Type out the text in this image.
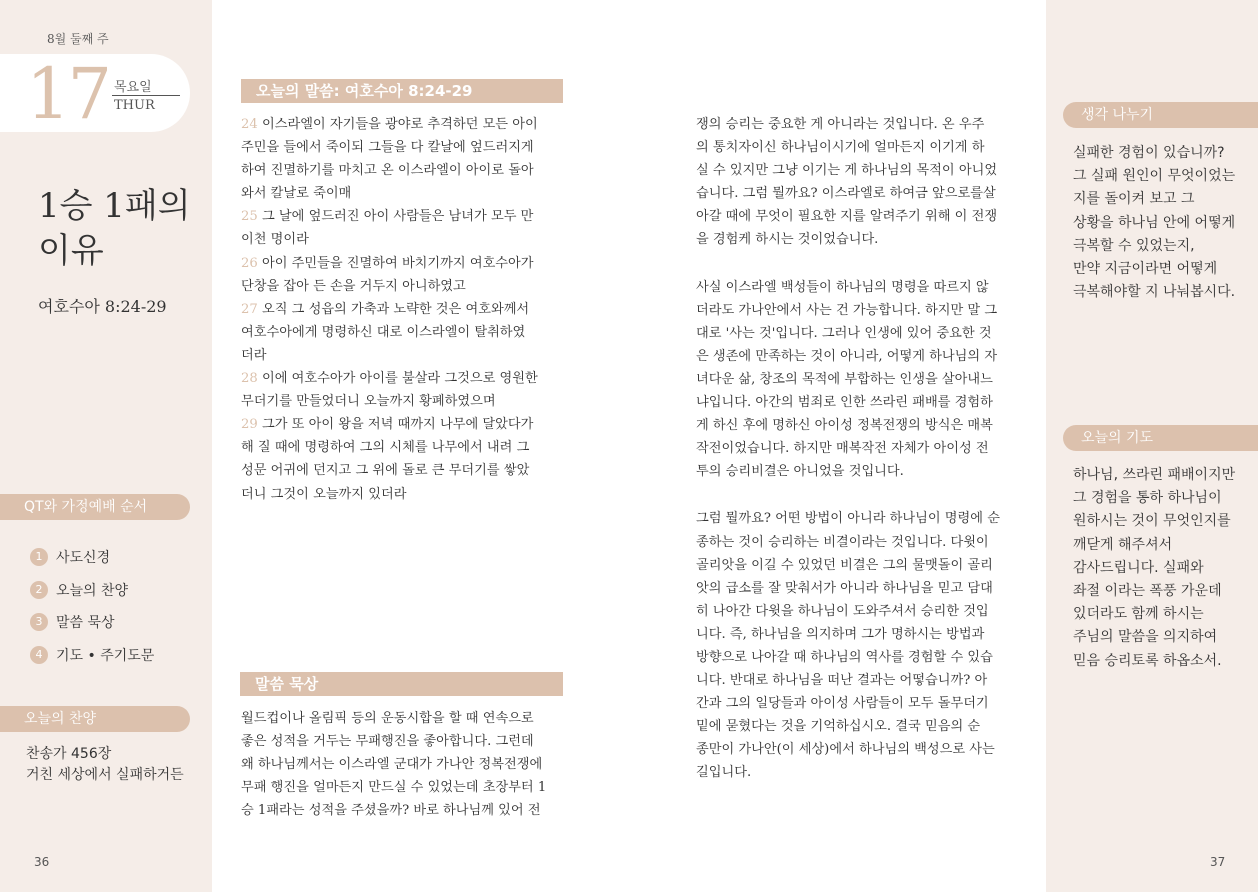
8월 둘째 주
17 목요일
THUR
1승 1패의
이유
여호수아 8:24-29
QT와 가정예배 순서
1 사도신경
2 오늘의 찬양
3 말씀 묵상
4 기도 • 주기도문
오늘의 찬양
찬송가 456장
거친 세상에서 실패하거든
36
오늘의 말씀: 여호수아 8:24-29
24 이스라엘이 자기들을 광야로 추격하던 모든 아이
주민을 들에서 죽이되 그들을 다 칼날에 엎드러지게
하여 진멸하기를 마치고 온 이스라엘이 아이로 돌아
와서 칼날로 죽이매
25 그 날에 엎드러진 아이 사람들은 남녀가 모두 만
이천 명이라
26 아이 주민들을 진멸하여 바치기까지 여호수아가
단창을 잡아 든 손을 거두지 아니하였고
27 오직 그 성읍의 가축과 노략한 것은 여호와께서
여호수아에게 명령하신 대로 이스라엘이 탈취하였
더라
28 이에 여호수아가 아이를 불살라 그것으로 영원한
무더기를 만들었더니 오늘까지 황폐하였으며
29 그가 또 아이 왕을 저녁 때까지 나무에 달았다가
해 질 때에 명령하여 그의 시체를 나무에서 내려 그
성문 어귀에 던지고 그 위에 돌로 큰 무더기를 쌓았
더니 그것이 오늘까지 있더라
말씀 묵상
월드컵이나 올림픽 등의 운동시합을 할 때 연속으로
좋은 성적을 거두는 무패행진을 좋아합니다. 그런데
왜 하나님께서는 이스라엘 군대가 가나안 정복전쟁에
무패 행진을 얼마든지 만드실 수 있었는데 초장부터 1
승 1패라는 성적을 주셨을까? 바로 하나님께 있어 전
쟁의 승리는 중요한 게 아니라는 것입니다. 온 우주
의 통치자이신 하나님이시기에 얼마든지 이기게 하
실 수 있지만 그냥 이기는 게 하나님의 목적이 아니었
습니다. 그럼 뭘까요? 이스라엘로 하여금 앞으로를살
아갈 때에 무엇이 필요한 지를 알려주기 위해 이 전쟁
을 경험케 하시는 것이었습니다.
사실 이스라엘 백성들이 하나님의 명령을 따르지 않
더라도 가나안에서 사는 건 가능합니다. 하지만 말 그
대로 '사는 것'입니다. 그러나 인생에 있어 중요한 것
은 생존에 만족하는 것이 아니라, 어떻게 하나님의 자
녀다운 삶, 창조의 목적에 부합하는 인생을 살아내느
냐입니다. 아간의 범죄로 인한 쓰라린 패배를 경험하
게 하신 후에 명하신 아이성 정복전쟁의 방식은 매복
작전이었습니다. 하지만 매복작전 자체가 아이성 전
투의 승리비결은 아니었을 것입니다.
그럼 뭘까요? 어떤 방법이 아니라 하나님이 명령에 순
종하는 것이 승리하는 비결이라는 것입니다. 다윗이
골리앗을 이길 수 있었던 비결은 그의 물맷돌이 골리
앗의 급소를 잘 맞춰서가 아니라 하나님을 믿고 담대
히 나아간 다윗을 하나님이 도와주셔서 승리한 것입
니다. 즉, 하나님을 의지하며 그가 명하시는 방법과
방향으로 나아갈 때 하나님의 역사를 경험할 수 있습
니다. 반대로 하나님을 떠난 결과는 어떻습니까? 아
간과 그의 일당들과 아이성 사람들이 모두 돌무더기
밑에 묻혔다는 것을 기억하십시오. 결국 믿음의 순
종만이 가나안(이 세상)에서 하나님의 백성으로 사는
길입니다.
생각 나누기
실패한 경험이 있습니까?
그 실패 원인이 무엇이었는
지를 돌이켜 보고 그
상황을 하나님 안에 어떻게
극복할 수 있었는지,
만약 지금이라면 어떻게
극복해야할 지 나눠봅시다.
오늘의 기도
하나님, 쓰라린 패배이지만
그 경험을 통하 하나님이
원하시는 것이 무엇인지를
깨닫게 해주셔서
감사드립니다. 실패와
좌절 이라는 폭풍 가운데
있더라도 함께 하시는
주님의 말씀을 의지하여
믿음 승리토록 하옵소서.
37
